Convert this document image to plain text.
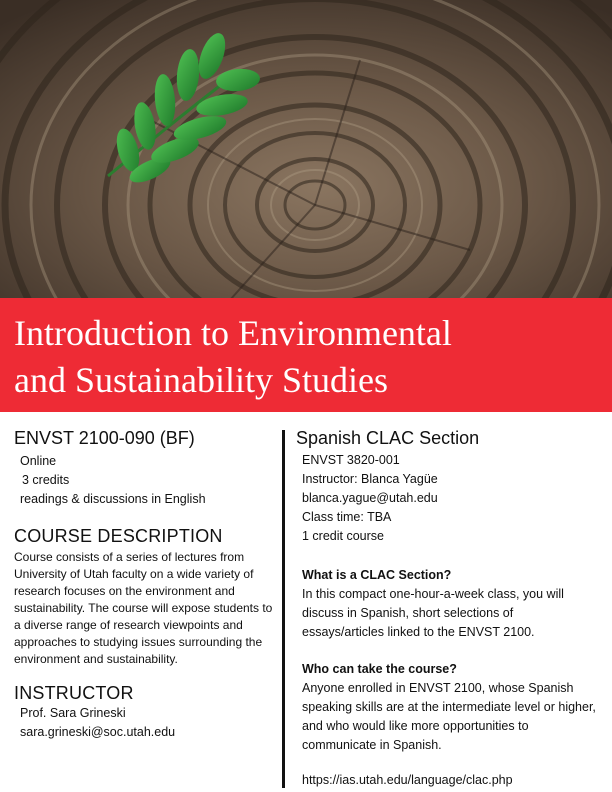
Introduction to Environmental
and Sustainability Studies
ENVST 2100-090 (BF)
Online
3 credits
readings & discussions in English
COURSE DESCRIPTION

Course consists of a series of lectures from University of Utah faculty on a wide variety of research focuses on the environment and sustainability. The course will expose students to a diverse range of research viewpoints and approaches to studying issues surrounding the environment and sustainability.

INSTRUCTOR
Prof. Sara Grineski
sara.grineski@soc.utah.edu
Spanish CLAC Section
ENVST 3820-001
Instructor: Blanca Yagüe
blanca.yague@utah.edu
Class time: TBA
1 credit course

What is a CLAC Section?

In this compact one-hour-a-week class, you will discuss in Spanish, short selections of essays/articles linked to the ENVST 2100.

Who can take the course?

Anyone enrolled in ENVST 2100, whose Spanish speaking skills are at the intermediate level or higher, and who would like more opportunities to communicate in Spanish.

https://ias.utah.edu/language/clac.php
